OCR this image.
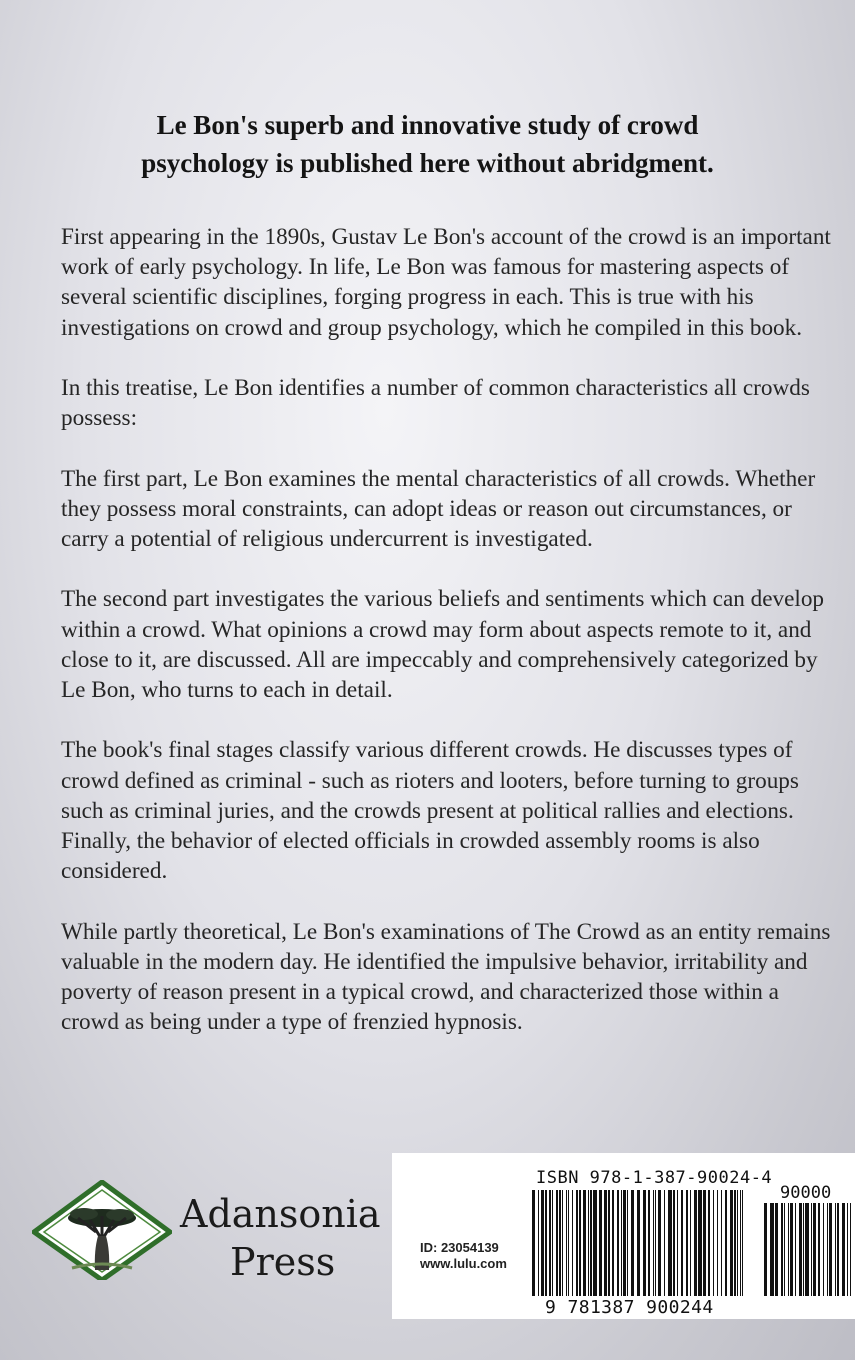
Le Bon's superb and innovative study of crowd
psychology is published here without abridgment.

First appearing in the 1890s, Gustav Le Bon's account of the crowd is an important work of early psychology. In life, Le Bon was famous for mastering aspects of several scientific disciplines, forging progress in each. This is true with his investigations on crowd and group psychology, which he compiled in this book.

In this treatise, Le Bon identifies a number of common characteristics all crowds possess:

The first part, Le Bon examines the mental characteristics of all crowds. Whether they possess moral constraints, can adopt ideas or reason out circumstances, or carry a potential of religious undercurrent is investigated.

The second part investigates the various beliefs and sentiments which can develop within a crowd. What opinions a crowd may form about aspects remote to it, and close to it, are discussed. All are impeccably and comprehensively categorized by Le Bon, who turns to each in detail.

The book's final stages classify various different crowds. He discusses types of crowd defined as criminal - such as rioters and looters, before turning to groups such as criminal juries, and the crowds present at political rallies and elections. Finally, the behavior of elected officials in crowded assembly rooms is also considered.

While partly theoretical, Le Bon's examinations of The Crowd as an entity remains valuable in the modern day. He identified the impulsive behavior, irritability and poverty of reason present in a typical crowd, and characterized those within a crowd as being under a type of frenzied hypnosis.

Adansonia
Press
ISBN 978-1-387-90024-4
90000
ID: 23054139
www.lulu.com
9 781387 900244
